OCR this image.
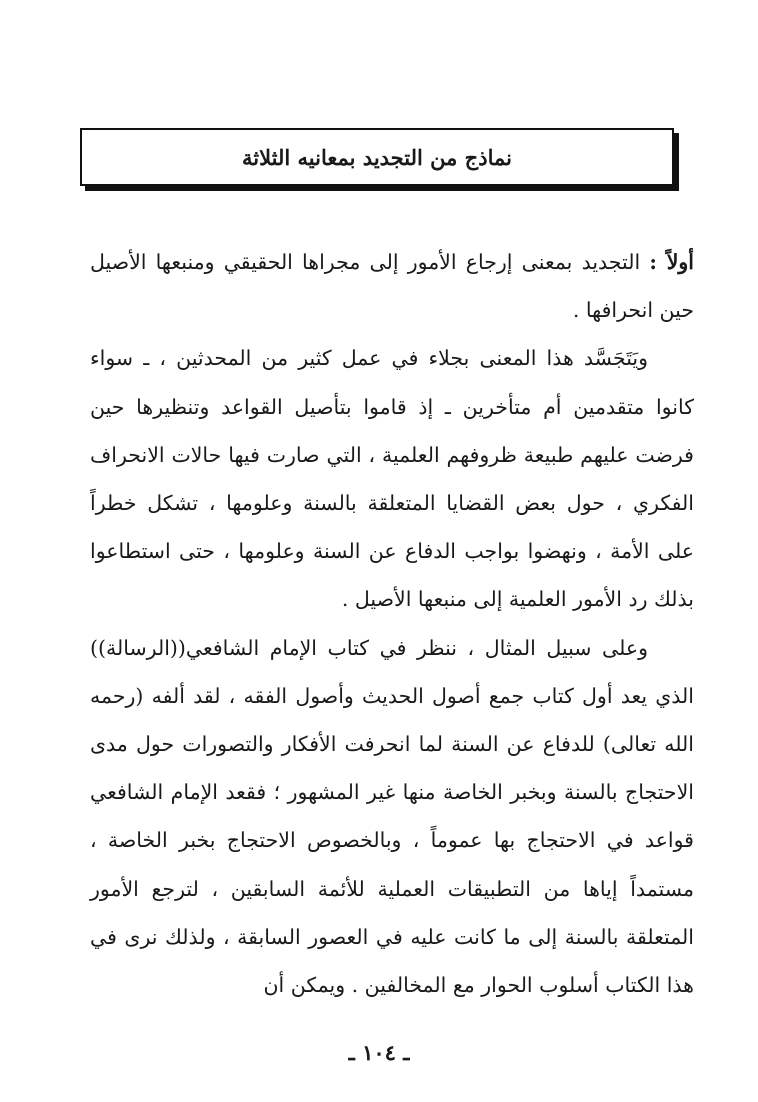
نماذج من التجديد بمعانيه الثلاثة

أولاً : التجديد بمعنى إرجاع الأمور إلى مجراها الحقيقي ومنبعها الأصيل حين انحرافها .

ويَتَجَسَّد هذا المعنى بجلاء في عمل كثير من المحدثين ، ـ سواء كانوا متقدمين أم متأخرين ـ إذ قاموا بتأصيل القواعد وتنظيرها حين فرضت عليهم طبيعة ظروفهم العلمية ، التي صارت فيها حالات الانحراف الفكري ، حول بعض القضايا المتعلقة بالسنة وعلومها ، تشكل خطراً على الأمة ، ونهضوا بواجب الدفاع عن السنة وعلومها ، حتى استطاعوا بذلك رد الأمور العلمية إلى منبعها الأصيل .

وعلى سبيل المثال ، ننظر في كتاب الإمام الشافعي((الرسالة)) الذي يعد أول كتاب جمع أصول الحديث وأصول الفقه ، لقد ألفه (رحمه الله تعالى) للدفاع عن السنة لما انحرفت الأفكار والتصورات حول مدى الاحتجاج بالسنة وبخبر الخاصة منها غير المشهور ؛ فقعد الإمام الشافعي قواعد في الاحتجاج بها عموماً ، وبالخصوص الاحتجاج بخبر الخاصة ، مستمداً إياها من التطبيقات العملية للأئمة السابقين ، لترجع الأمور المتعلقة بالسنة إلى ما كانت عليه في العصور السابقة ، ولذلك نرى في هذا الكتاب أسلوب الحوار مع المخالفين . ويمكن أن

ـ ١٠٤ ـ
